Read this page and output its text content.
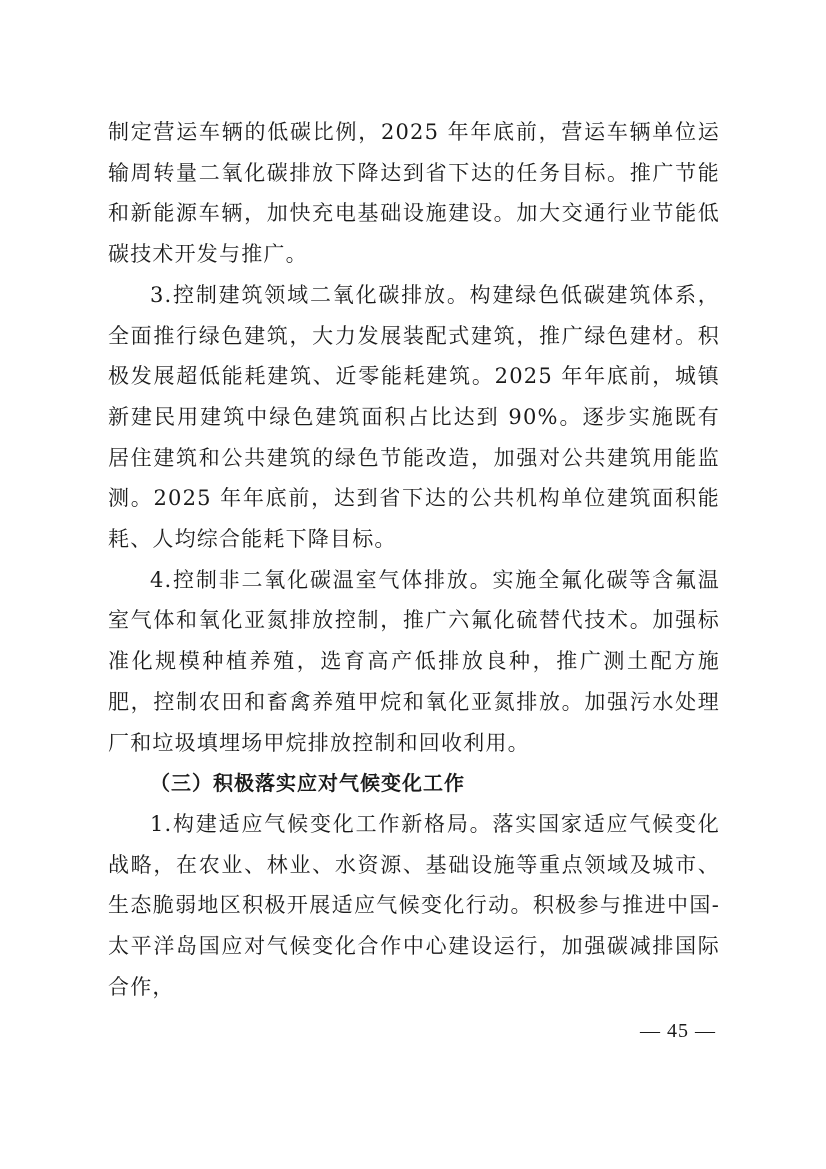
制定营运车辆的低碳比例，2025 年年底前，营运车辆单位运输周转量二氧化碳排放下降达到省下达的任务目标。推广节能和新能源车辆，加快充电基础设施建设。加大交通行业节能低碳技术开发与推广。

3.控制建筑领域二氧化碳排放。构建绿色低碳建筑体系，全面推行绿色建筑，大力发展装配式建筑，推广绿色建材。积极发展超低能耗建筑、近零能耗建筑。2025 年年底前，城镇新建民用建筑中绿色建筑面积占比达到 90%。逐步实施既有居住建筑和公共建筑的绿色节能改造，加强对公共建筑用能监测。2025 年年底前，达到省下达的公共机构单位建筑面积能耗、人均综合能耗下降目标。

4.控制非二氧化碳温室气体排放。实施全氟化碳等含氟温室气体和氧化亚氮排放控制，推广六氟化硫替代技术。加强标准化规模种植养殖，选育高产低排放良种，推广测土配方施肥，控制农田和畜禽养殖甲烷和氧化亚氮排放。加强污水处理厂和垃圾填埋场甲烷排放控制和回收利用。

（三）积极落实应对气候变化工作

1.构建适应气候变化工作新格局。落实国家适应气候变化战略，在农业、林业、水资源、基础设施等重点领域及城市、生态脆弱地区积极开展适应气候变化行动。积极参与推进中国-太平洋岛国应对气候变化合作中心建设运行，加强碳减排国际合作，

— 45 —
